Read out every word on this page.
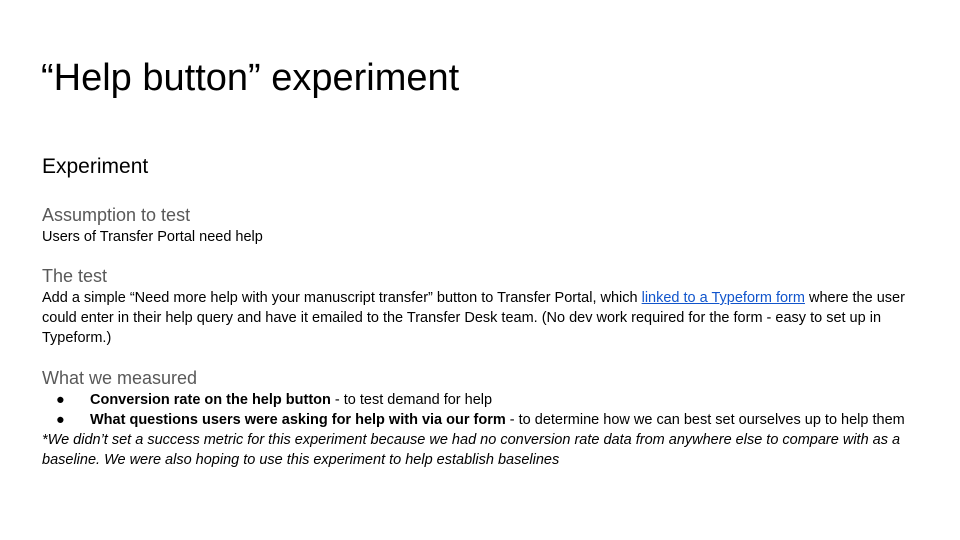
“Help button” experiment
Experiment
Assumption to test

Users of Transfer Portal need help

The test

Add a simple “Need more help with your manuscript transfer” button to Transfer Portal, which linked to a Typeform form where the user could enter in their help query and have it emailed to the Transfer Desk team. (No dev work required for the form - easy to set up in Typeform.)

What we measured
● Conversion rate on the help button - to test demand for help
● What questions users were asking for help with via our form - to determine how we can best set ourselves up to help them

*We didn’t set a success metric for this experiment because we had no conversion rate data from anywhere else to compare with as a baseline. We were also hoping to use this experiment to help establish baselines
